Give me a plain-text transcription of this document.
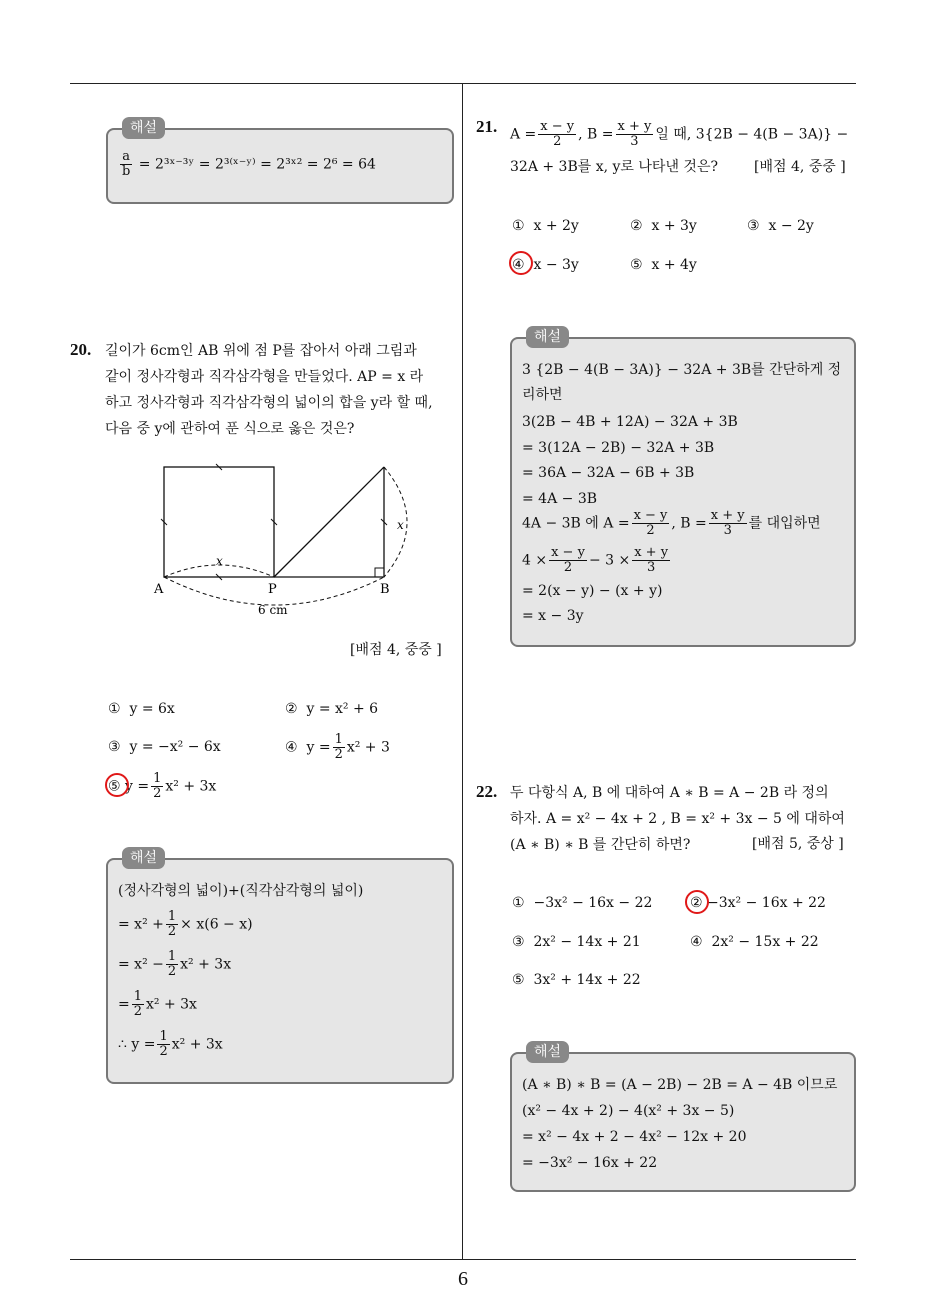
해설
$\frac{a}{b}$ = 2³ˣ⁻³ʸ = 2³⁽ˣ⁻ʸ⁾ = 2³ˣ² = 2⁶ = 64
20. 길이가 6cm인 AB 위에 점 P를 잡아서 아래 그림과
같이 정사각형과 직각삼각형을 만들었다. AP = x 라
하고 정사각형과 직각삼각형의 넓이의 합을 y라 할 때,
다음 중 y에 관하여 푼 식으로 옳은 것은?
A	P	B
x
x
6 cm
[배점 4, 중중 ]
① y = 6x	② y = x² + 6
③ y = −x² − 6x	④ $y = \frac{1}{2} x^2 + 3$
⑤ $y = \frac{1}{2} x^2 + 3x$
해설
(정사각형의 넓이)+(직각삼각형의 넓이)
= $x^2 + \frac{1}{2} \times x(6 - x)$
= $x^2 - \frac{1}{2} x^2 + 3x$
= $\frac{1}{2} x^2 + 3x$
∴ $y = \frac{1}{2} x^2 + 3x$
21. $A = \frac{x - y}{2}$ , $B = \frac{x + y}{3}$ 일 때, 3{2B − 4(B − 3A)} −
32A + 3B를 x, y로 나타낸 것은?	[배점 4, 중중 ]
① x + 2y	② x + 3y	③ x − 2y
④ x − 3y	⑤ x + 4y
해설
3 {2B − 4(B − 3A)} − 32A + 3B를 간단하게 정
리하면
3(2B − 4B + 12A) − 32A + 3B
= 3(12A − 2B) − 32A + 3B
= 36A − 32A − 6B + 3B
= 4A − 3B
4A − 3B 에 $A = \frac{x - y}{2}$ , $B = \frac{x + y}{3}$ 를 대입하면
$4 \times \frac{x - y}{2} - 3 \times \frac{x + y}{3}$
= 2(x − y) − (x + y)
= x − 3y
22. 두 다항식 A, B 에 대하여 A ∗ B = A − 2B 라 정의
하자. A = x² − 4x + 2 , B = x² + 3x − 5 에 대하여
(A ∗ B) ∗ B 를 간단히 하면?	[배점 5, 중상 ]
① −3x² − 16x − 22	② −3x² − 16x + 22
③ 2x² − 14x + 21	④ 2x² − 15x + 22
⑤ 3x² + 14x + 22
해설
(A ∗ B) ∗ B = (A − 2B) − 2B = A − 4B 이므로
(x² − 4x + 2) − 4(x² + 3x − 5)
= x² − 4x + 2 − 4x² − 12x + 20
= −3x² − 16x + 22
6
